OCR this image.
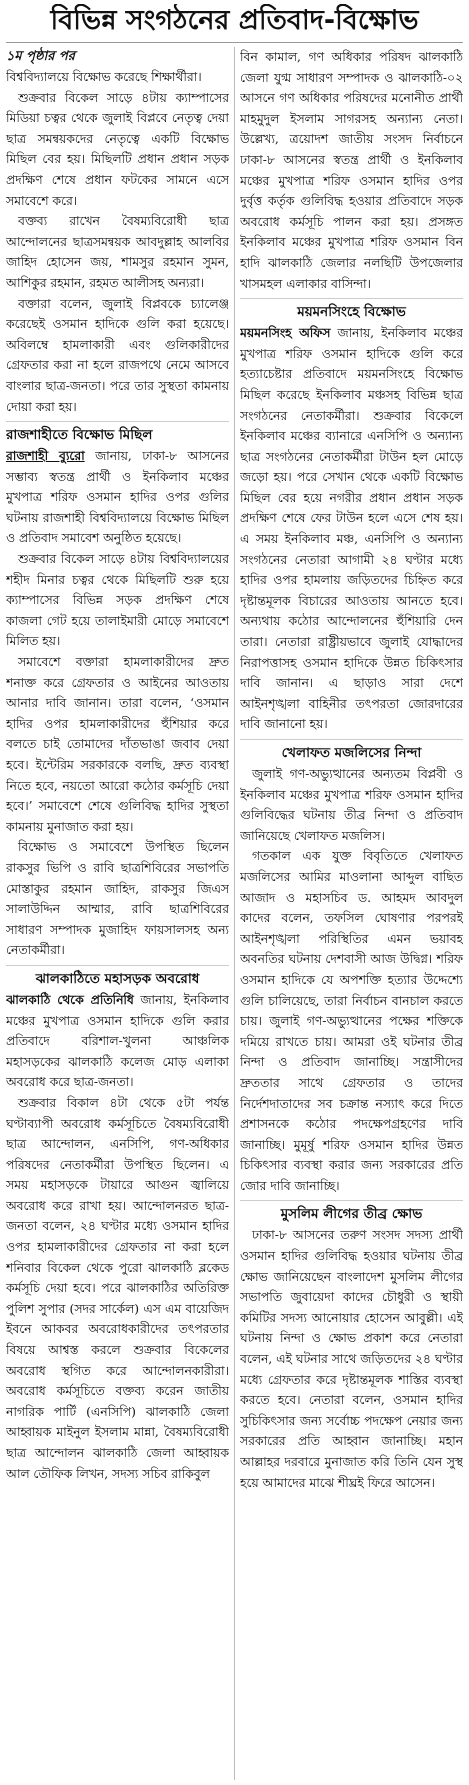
বিভিন্ন সংগঠনের প্রতিবাদ-বিক্ষোভ
১ম পৃষ্ঠার পর

বিশ্ববিদ্যালয়ে বিক্ষোভ করেছে শিক্ষার্থীরা।

শুক্রবার বিকেল সাড়ে ৪টায় ক্যাম্পাসের মিডিয়া চত্বর থেকে জুলাই বিপ্লবে নেতৃত্ব দেয়া ছাত্র সমন্বয়কদের নেতৃত্বে একটি বিক্ষোভ মিছিল বের হয়। মিছিলটি প্রধান প্রধান সড়ক প্রদক্ষিণ শেষে প্রধান ফটকের সামনে এসে সমাবেশে করে।

বক্তব্য রাখেন বৈষম্যবিরোধী ছাত্র আন্দোলনের ছাত্রসমন্বয়ক আবদুল্লাহ আলবির জাহিদ হোসেন জয়, শামসুর রহমান সুমন, আশিকুর রহমান, রহমত আলীসহ অন্যরা।

বক্তারা বলেন, জুলাই বিপ্লবকে চ্যালেঞ্জ করেছেই ওসমান হাদিকে গুলি করা হয়েছে। অবিলম্বে হামলাকারী এবং গুলিকারীদের গ্রেফতার করা না হলে রাজপথে নেমে আসবে বাংলার ছাত্র-জনতা। পরে তার সুস্থতা কামনায় দোয়া করা হয়।

রাজশাহীতে বিক্ষোভ মিছিল

রাজশাহী ব্যুরো জানায়, ঢাকা-৮ আসনের সম্ভাব্য স্বতন্ত্র প্রার্থী ও ইনকিলাব মঞ্চের মুখপাত্র শরিফ ওসমান হাদির ওপর গুলির ঘটনায় রাজশাহী বিশ্ববিদ্যালয়ে বিক্ষোভ মিছিল ও প্রতিবাদ সমাবেশ অনুষ্ঠিত হয়েছে।

শুক্রবার বিকেল সাড়ে ৪টায় বিশ্ববিদ্যালয়ের শহীদ মিনার চত্বর থেকে মিছিলটি শুরু হয়ে ক্যাম্পাসের বিভিন্ন সড়ক প্রদক্ষিণ শেষে কাজলা গেট হয়ে তালাইমারী মোড়ে সমাবেশে মিলিত হয়।

সমাবেশে বক্তারা হামলাকারীদের দ্রুত শনাক্ত করে গ্রেফতার ও আইনের আওতায় আনার দাবি জানান। তারা বলেন, ‘ওসমান হাদির ওপর হামলাকারীদের হুঁশিয়ার করে বলতে চাই তোমাদের দাঁতভাঙা জবাব দেয়া হবে। ইন্টেরিম সরকারকে বলছি, দ্রুত ব্যবস্থা নিতে হবে, নয়তো আরো কঠোর কর্মসূচি দেয়া হবে।’ সমাবেশে শেষে গুলিবিদ্ধ হাদির সুস্থতা কামনায় মুনাজাত করা হয়।

বিক্ষোভ ও সমাবেশে উপস্থিত ছিলেন রাকসুর ভিপি ও রাবি ছাত্রশিবিরের সভাপতি মোস্তাকুর রহমান জাহিদ, রাকসুর জিএস সালাউদ্দিন আম্মার, রাবি ছাত্রশিবিরের সাধারণ সম্পাদক মুজাহিদ ফায়সালসহ অন্য নেতাকর্মীরা।

ঝালকাঠিতে মহাসড়ক অবরোধ

ঝালকাঠি থেকে প্রতিনিধি জানায়, ইনকিলাব মঞ্চের মুখপাত্র ওসমান হাদিকে গুলি করার প্রতিবাদে বরিশাল-খুলনা আঞ্চলিক মহাসড়কের ঝালকাঠি কলেজ মোড় এলাকা অবরোধ করে ছাত্র-জনতা।

শুক্রবার বিকাল ৪টা থেকে ৫টা পর্যন্ত ঘণ্টাব্যাপী অবরোধ কর্মসূচিতে বৈষম্যবিরোধী ছাত্র আন্দোলন, এনসিপি, গণ-অধিকার পরিষদের নেতাকর্মীরা উপস্থিত ছিলেন। এ সময় মহাসড়কে টায়ারে আগুন জ্বালিয়ে অবরোধ করে রাখা হয়। আন্দোলনরত ছাত্র-জনতা বলেন, ২৪ ঘণ্টার মধ্যে ওসমান হাদির ওপর হামলাকারীদের গ্রেফতার না করা হলে শনিবার বিকেল থেকে পুরো ঝালকাঠি ব্লকেড কর্মসূচি দেয়া হবে। পরে ঝালকাঠির অতিরিক্ত পুলিশ সুপার (সদর সার্কেল) এস এম বায়েজিদ ইবনে আকবর অবরোধকারীদের তৎপরতার বিষয়ে আশ্বস্ত করলে শুক্রবার বিকেলের অবরোধ স্থগিত করে আন্দোলনকারীরা। অবরোধ কর্মসূচিতে বক্তব্য করেন জাতীয় নাগরিক পার্টি (এনসিপি) ঝালকাঠি জেলা আহ্বায়ক মাইনুল ইসলাম মান্না, বৈষম্যবিরোধী ছাত্র আন্দোলন ঝালকাঠি জেলা আহ্বায়ক আল তৌফিক লিখন, সদস্য সচিব রাকিবুল

বিন কামাল, গণ অধিকার পরিষদ ঝালকাঠি জেলা যুগ্ম সাধারণ সম্পাদক ও ঝালকাঠি-০২ আসনে গণ অধিকার পরিষদের মনোনীত প্রার্থী মাহমুদুল ইসলাম সাগরসহ অন্যান্য নেতা। উল্লেখ্য, ত্রয়োদশ জাতীয় সংসদ নির্বাচনে ঢাকা-৮ আসনের স্বতন্ত্র প্রার্থী ও ইনকিলাব মঞ্চের মুখপাত্র শরিফ ওসমান হাদির ওপর দুর্বৃত্ত কর্তৃক গুলিবিদ্ধ হওয়ার প্রতিবাদে সড়ক অবরোধ কর্মসূচি পালন করা হয়। প্রসঙ্গত ইনকিলাব মঞ্চের মুখপাত্র শরিফ ওসমান বিন হাদি ঝালকাঠি জেলার নলছিটি উপজেলার খাসমহল এলাকার বাসিন্দা।

ময়মনসিংহে বিক্ষোভ

ময়মনসিংহ অফিস জানায়, ইনকিলাব মঞ্চের মুখপাত্র শরিফ ওসমান হাদিকে গুলি করে হত্যাচেষ্টার প্রতিবাদে ময়মনসিংহে বিক্ষোভ মিছিল করেছে ইনকিলাব মঞ্চসহ বিভিন্ন ছাত্র সংগঠনের নেতাকর্মীরা। শুক্রবার বিকেলে ইনকিলাব মঞ্চের ব্যানারে এনসিপি ও অন্যান্য ছাত্র সংগঠনের নেতাকর্মীরা টাউন হল মোড়ে জড়ো হয়। পরে সেখান থেকে একটি বিক্ষোভ মিছিল বের হয়ে নগরীর প্রধান প্রধান সড়ক প্রদক্ষিণ শেষে ফের টাউন হলে এসে শেষ হয়। এ সময় ইনকিলাব মঞ্চ, এনসিপি ও অন্যান্য সংগঠনের নেতারা আগামী ২৪ ঘণ্টার মধ্যে হাদির ওপর হামলায় জড়িতদের চিহ্নিত করে দৃষ্টান্তমূলক বিচারের আওতায় আনতে হবে। অন্যথায় কঠোর আন্দোলনের হুঁশিয়ারি দেন তারা। নেতারা রাষ্ট্রীয়ভাবে জুলাই যোদ্ধাদের নিরাপত্তাসহ ওসমান হাদিকে উন্নত চিকিৎসার দাবি জানান। এ ছাড়াও সারা দেশে আইনশৃঙ্খলা বাহিনীর তৎপরতা জোরদারের দাবি জানানো হয়।

খেলাফত মজলিসের নিন্দা

জুলাই গণ-অভ্যুত্থানের অন্যতম বিপ্লবী ও ইনকিলাব মঞ্চের মুখপাত্র শরিফ ওসমান হাদির গুলিবিদ্ধের ঘটনায় তীব্র নিন্দা ও প্রতিবাদ জানিয়েছে খেলাফত মজলিস।

গতকাল এক যুক্ত বিবৃতিতে খেলাফত মজলিসের আমির মাওলানা আব্দুল বাছিত আজাদ ও মহাসচিব ড. আহমদ আবদুল কাদের বলেন, তফসিল ঘোষণার পরপরই আইনশৃঙ্খলা পরিস্থিতির এমন ভয়াবহ অবনতির ঘটনায় দেশবাসী আজ উদ্বিগ্ন। শরিফ ওসমান হাদিকে যে অপশক্তি হত্যার উদ্দেশ্যে গুলি চালিয়েছে, তারা নির্বাচন বানচাল করতে চায়। জুলাই গণ-অভ্যুত্থানের পক্ষের শক্তিকে দমিয়ে রাখতে চায়। আমরা ওই ঘটনার তীব্র নিন্দা ও প্রতিবাদ জানাচ্ছি। সন্ত্রাসীদের দ্রুততার সাথে গ্রেফতার ও তাদের নির্দেশদাতাদের সব চক্রান্ত নস্যাৎ করে দিতে প্রশাসনকে কঠোর পদক্ষেপগ্রহণের দাবি জানাচ্ছি। মুমূর্ষু শরিফ ওসমান হাদির উন্নত চিকিৎসার ব্যবস্থা করার জন্য সরকারের প্রতি জোর দাবি জানাচ্ছি।

মুসলিম লীগের তীব্র ক্ষোভ

ঢাকা-৮ আসনের তরুণ সংসদ সদস্য প্রার্থী ওসমান হাদির গুলিবিদ্ধ হওয়ার ঘটনায় তীব্র ক্ষোভ জানিয়েছেন বাংলাদেশ মুসলিম লীগের সভাপতি জুবায়েদা কাদের চৌধুরী ও স্থায়ী কমিটির সদস্য আনোয়ার হোসেন আবুল্লী। এই ঘটনায় নিন্দা ও ক্ষোভ প্রকাশ করে নেতারা বলেন, এই ঘটনার সাথে জড়িতদের ২৪ ঘণ্টার মধ্যে গ্রেফতার করে দৃষ্টান্তমূলক শাস্তির ব্যবস্থা করতে হবে। নেতারা বলেন, ওসমান হাদির সুচিকিৎসার জন্য সর্বোচ্চ পদক্ষেপ নেয়ার জন্য সরকারের প্রতি আহ্বান জানাচ্ছি। মহান আল্লাহর দরবারে মুনাজাত করি তিনি যেন সুস্থ হয়ে আমাদের মাঝে শীঘ্রই ফিরে আসেন।
